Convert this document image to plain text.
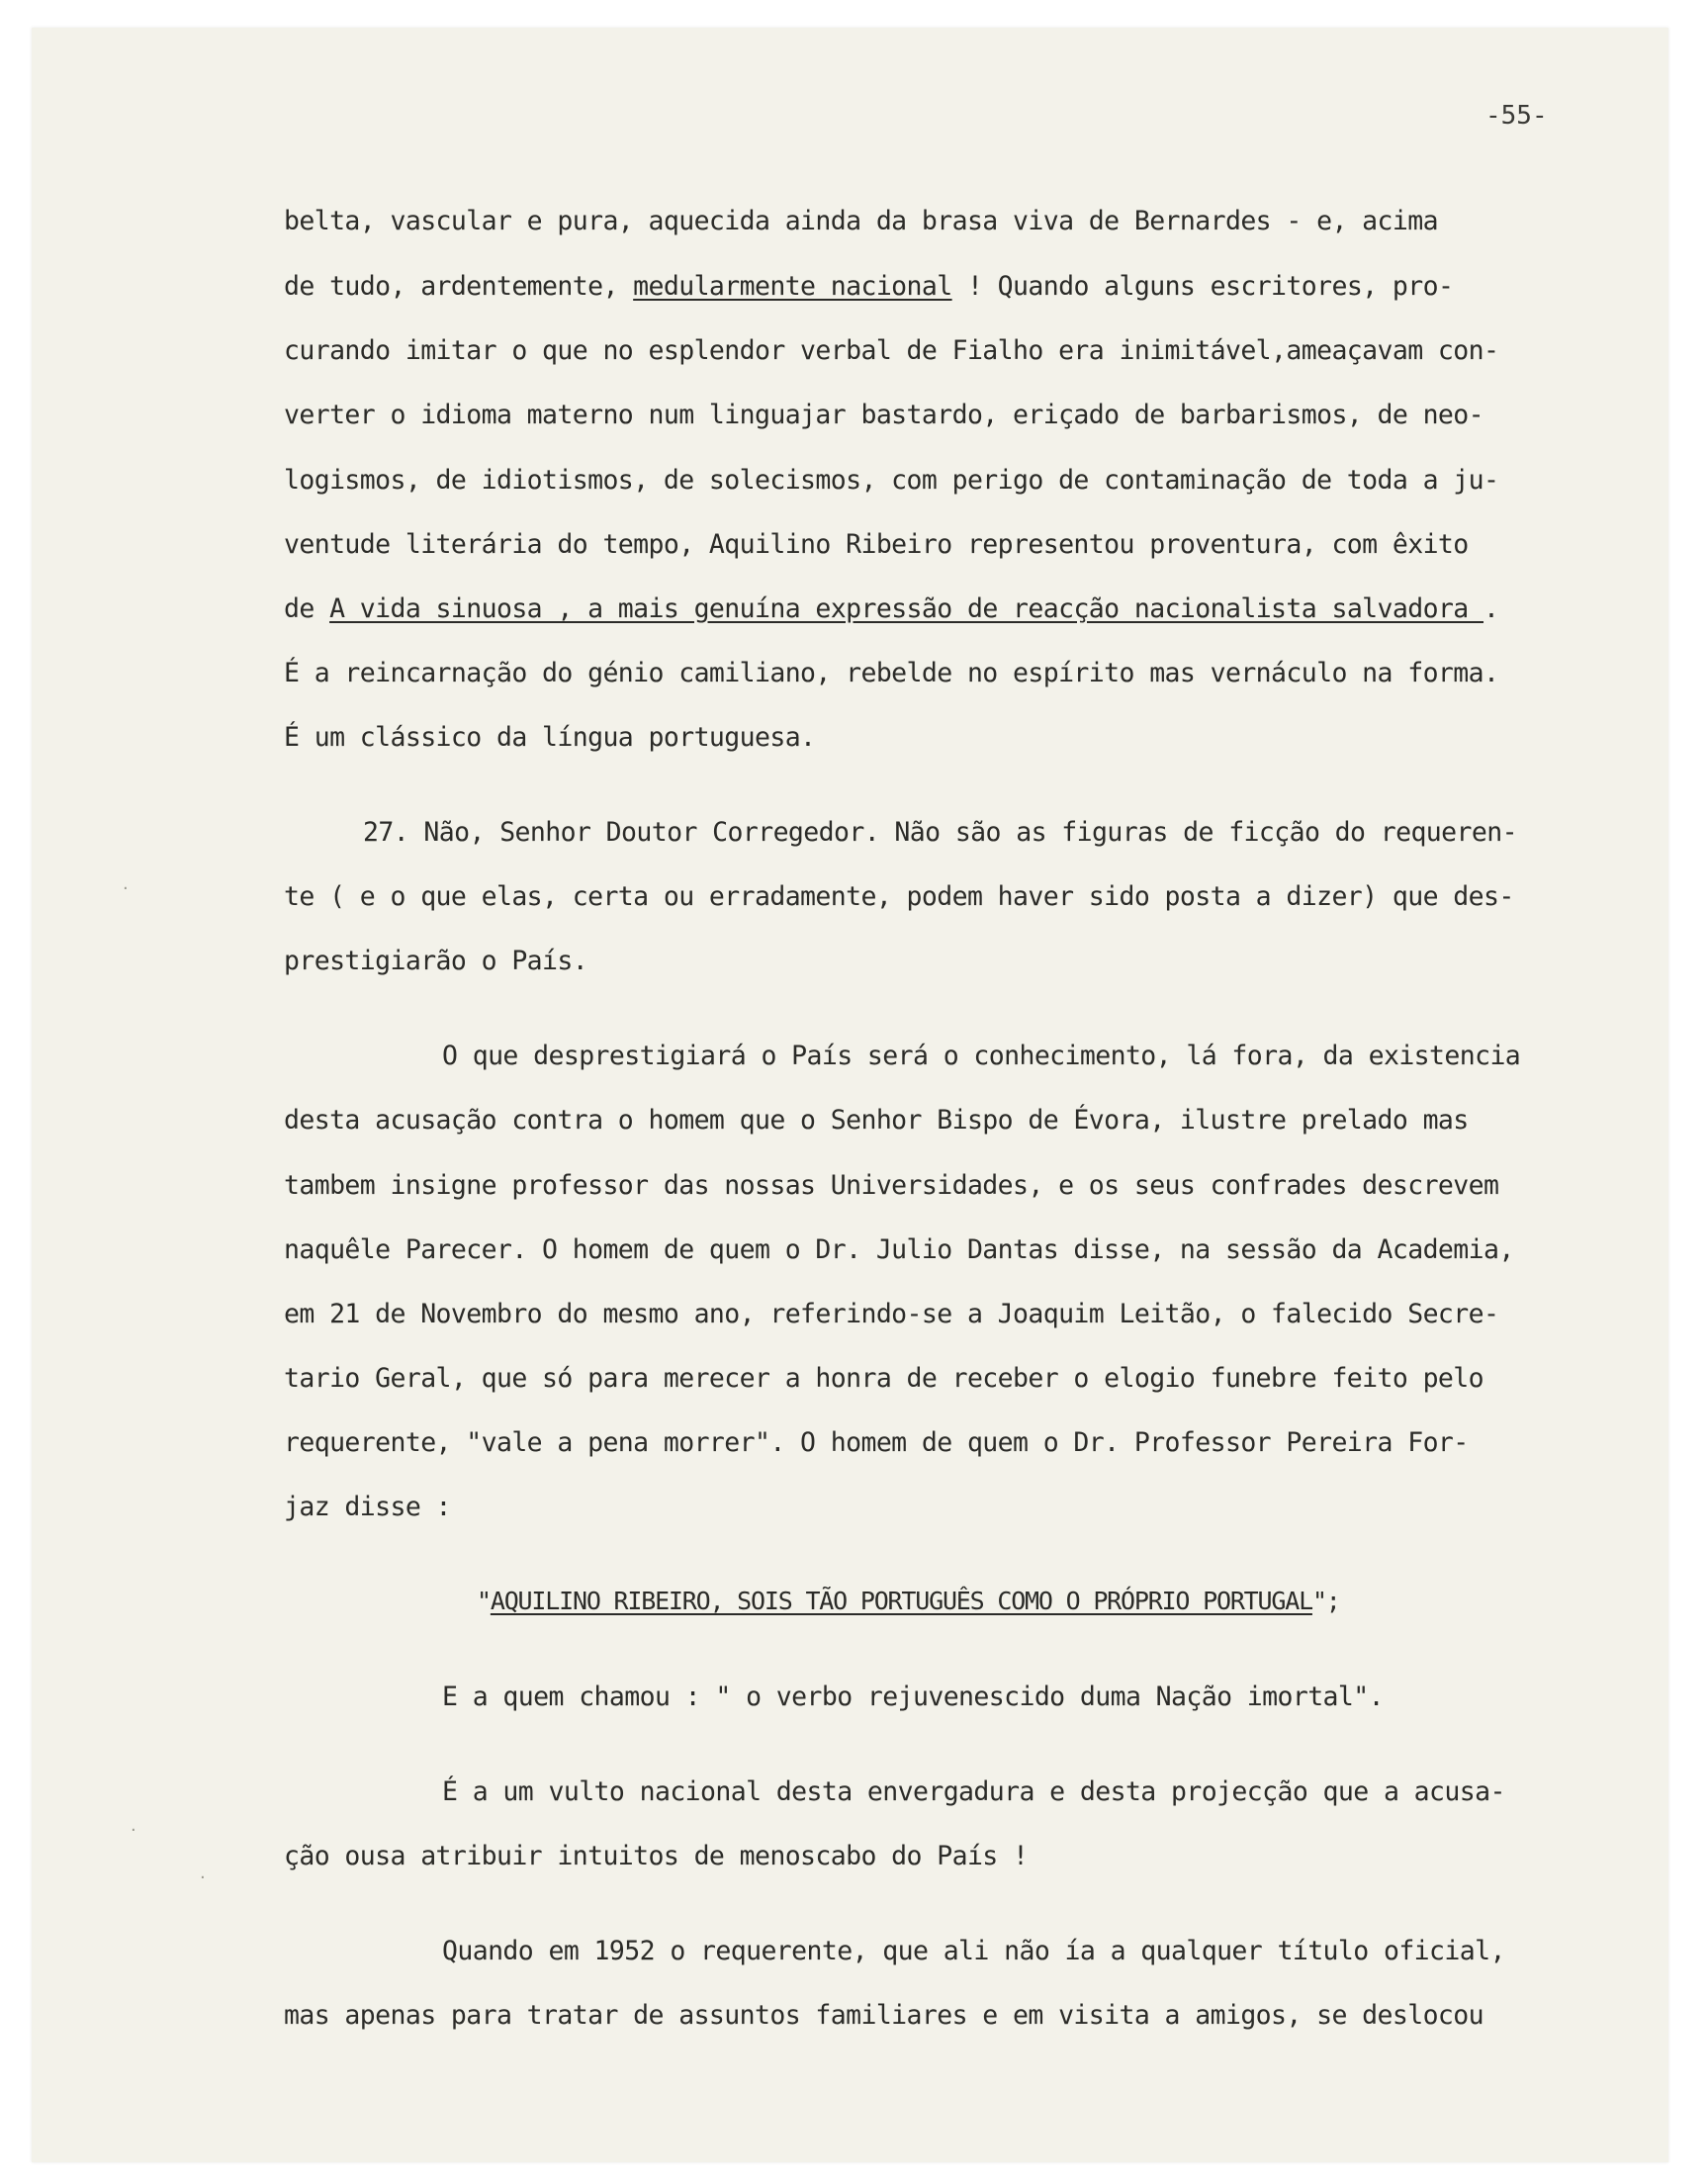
-55-
·
·
·
belta, vascular e pura, aquecida ainda da brasa viva de Bernardes - e, acima
de tudo, ardentemente, medularmente nacional ! Quando alguns escritores, pro-
curando imitar o que no esplendor verbal de Fialho era inimitável,ameaçavam con-
verter o idioma materno num linguajar bastardo, eriçado de barbarismos, de neo-
logismos, de idiotismos, de solecismos, com perigo de contaminação de toda a ju-
ventude literária do tempo, Aquilino Ribeiro representou proventura, com êxito
de A vida sinuosa , a mais genuína expressão de reacção nacionalista salvadora .
É a reincarnação do génio camiliano, rebelde no espírito mas vernáculo na forma.
É um clássico da língua portuguesa.
27. Não, Senhor Doutor Corregedor. Não são as figuras de ficção do requeren-
te ( e o que elas, certa ou erradamente, podem haver sido posta a dizer) que des-
prestigiarão o País.
O que desprestigiará o País será o conhecimento, lá fora, da existencia
desta acusação contra o homem que o Senhor Bispo de Évora, ilustre prelado mas
tambem insigne professor das nossas Universidades, e os seus confrades descrevem
naquêle Parecer. O homem de quem o Dr. Julio Dantas disse, na sessão da Academia,
em 21 de Novembro do mesmo ano, referindo-se a Joaquim Leitão, o falecido Secre-
tario Geral, que só para merecer a honra de receber o elogio funebre feito pelo
requerente, "vale a pena morrer". O homem de quem o Dr. Professor Pereira For-
jaz disse :
"AQUILINO RIBEIRO, SOIS TÃO PORTUGUÊS COMO O PRÓPRIO PORTUGAL";
E a quem chamou : " o verbo rejuvenescido duma Nação imortal".
É a um vulto nacional desta envergadura e desta projecção que a acusa-
ção ousa atribuir intuitos de menoscabo do País !
Quando em 1952 o requerente, que ali não ía a qualquer título oficial,
mas apenas para tratar de assuntos familiares e em visita a amigos, se deslocou
